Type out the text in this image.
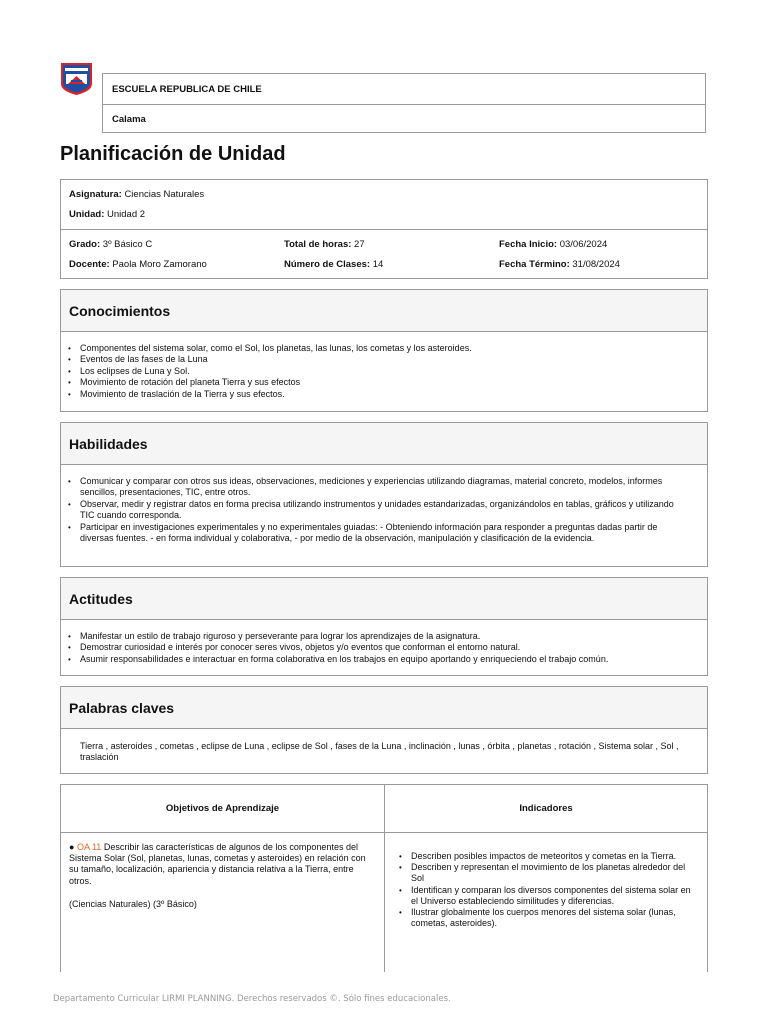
ESCUELA REPUBLICA DE CHILE
Calama
Planificación de Unidad
Asignatura: Ciencias Naturales
Unidad: Unidad 2
Grado: 3º Básico C
Docente: Paola Moro Zamorano
Total de horas: 27
Número de Clases: 14
Fecha Inicio: 03/06/2024
Fecha Término: 31/08/2024
Conocimientos
• Componentes del sistema solar, como el Sol, los planetas, las lunas, los cometas y los asteroides.
• Eventos de las fases de la Luna
• Los eclipses de Luna y Sol.
• Movimiento de rotación del planeta Tierra y sus efectos
• Movimiento de traslación de la Tierra y sus efectos.
Habilidades
• Comunicar y comparar con otros sus ideas, observaciones, mediciones y experiencias utilizando diagramas, material concreto, modelos, informes sencillos, presentaciones, TIC, entre otros.
• Observar, medir y registrar datos en forma precisa utilizando instrumentos y unidades estandarizadas, organizándolos en tablas, gráficos y utilizando TIC cuando corresponda.
• Participar en investigaciones experimentales y no experimentales guiadas: - Obteniendo información para responder a preguntas dadas partir de diversas fuentes. - en forma individual y colaborativa, - por medio de la observación, manipulación y clasificación de la evidencia.
Actitudes
• Manifestar un estilo de trabajo riguroso y perseverante para lograr los aprendizajes de la asignatura.
• Demostrar curiosidad e interés por conocer seres vivos, objetos y/o eventos que conforman el entorno natural.
• Asumir responsabilidades e interactuar en forma colaborativa en los trabajos en equipo aportando y enriqueciendo el trabajo común.
Palabras claves
Tierra , asteroides , cometas , eclipse de Luna , eclipse de Sol , fases de la Luna , inclinación , lunas , órbita , planetas , rotación , Sistema solar , Sol , traslación
Objetivos de Aprendizaje	Indicadores
● OA 11 Describir las características de algunos de los componentes del Sistema Solar (Sol, planetas, lunas, cometas y asteroides) en relación con su tamaño, localización, apariencia y distancia relativa a la Tierra, entre otros.
(Ciencias Naturales) (3º Básico)
• Describen posibles impactos de meteoritos y cometas en la Tierra.
• Describen y representan el movimiento de los planetas alrededor del Sol
• Identifican y comparan los diversos componentes del sistema solar en el Universo estableciendo similitudes y diferencias.
• Ilustrar globalmente los cuerpos menores del sistema solar (lunas, cometas, asteroides).
Departamento Curricular LIRMI PLANNING. Derechos reservados ©. Sólo fines educacionales.
